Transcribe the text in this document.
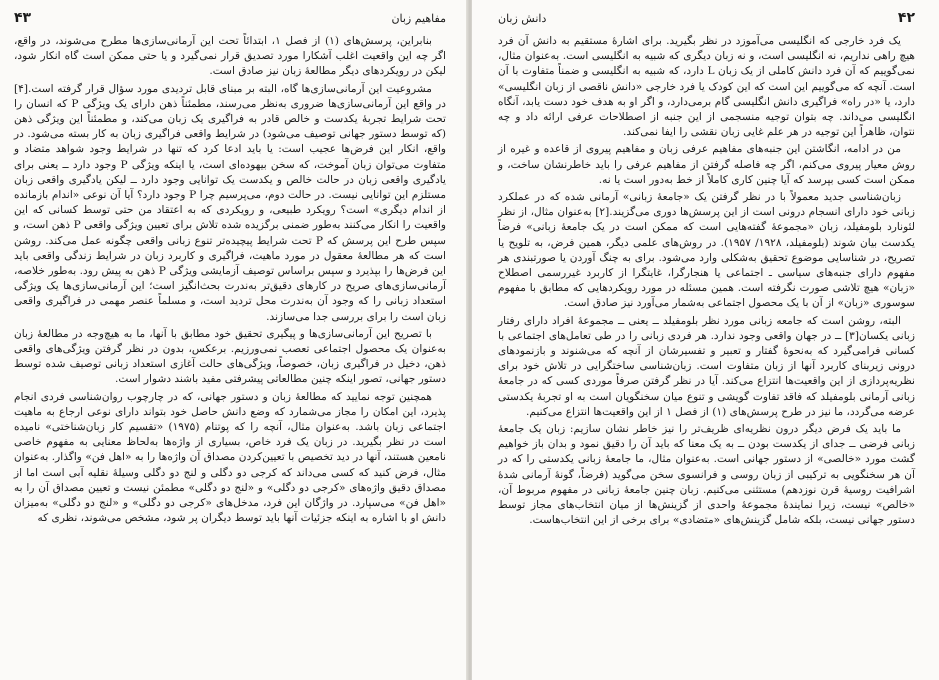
مفاهیم زبان
۴۳

بنابراین، پرسش‌های (۱) از فصل ۱، ابتدائاً تحت این آرمانی‌سازی‌ها مطرح می‌شوند، در واقع، اگر چه این واقعیت اغلب آشکارا مورد تصدیق قرار نمی‌گیرد و یا حتی ممکن است گاه انکار شود، لیکن در رویکردهای دیگر مطالعهٔ زبان نیز صادق است.

مشروعیت این آرمانی‌سازی‌ها گاه، البته بر مبنای قابل تردیدی مورد سؤال قرار گرفته است.[۴] در واقع این آرمانی‌سازی‌ها ضروری به‌نظر می‌رسند، مطمئناً ذهن دارای یک ویژگی P که انسان را تحت شرایط تجربهٔ یکدست و خالص قادر به فراگیری یک زبان می‌کند، و مطمئناً این ویژگی ذهن (که توسط دستور جهانی توصیف می‌شود) در شرایط واقعی فراگیری زبان به کار بسته می‌شود. در واقع، انکار این فرض‌ها عجیب است: یا باید ادعا کرد که تنها در شرایط وجود شواهد متضاد و متفاوت می‌توان زبان آموخت، که سخن بیهوده‌ای است، یا اینکه ویژگی P وجود دارد ــ یعنی برای یادگیری واقعی زبان در حالت خالص و یکدست یک توانایی وجود دارد ــ لیکن یادگیری واقعی زبان مستلزم این توانایی نیست. در حالت دوم، می‌پرسیم چرا P وجود دارد؟ آیا آن نوعی «اندام بازمانده از اندام دیگری» است؟ رویکرد طبیعی، و رویکردی که به اعتقاد من حتی توسط کسانی که این واقعیت را انکار می‌کنند به‌طور ضمنی برگزیده شده تلاش برای تعیین ویژگی واقعی P ذهن است، و سپس طرح این پرسش که P تحت شرایط پیچیده‌تر تنوع زبانی واقعی چگونه عمل می‌کند. روشن است که هر مطالعهٔ معقول در مورد ماهیت، فراگیری و کاربرد زبان در شرایط زندگی واقعی باید این فرض‌ها را بپذیرد و سپس براساس توصیف آزمایشی ویژگی P ذهن به پیش رود. به‌طور خلاصه، آرمانی‌سازی‌های صریح در کارهای دقیق‌تر به‌ندرت بحث‌انگیز است؛ این آرمانی‌سازی‌ها یک ویژگی استعداد زبانی را که وجود آن به‌ندرت محل تردید است، و مسلماً عنصر مهمی در فراگیری واقعی زبان است را برای بررسی جدا می‌سازند.

با تصریح این آرمانی‌سازی‌ها و پیگیری تحقیق خود مطابق با آنها، ما به هیچ‌وجه در مطالعهٔ زبان به‌عنوان یک محصول اجتماعی تعصب نمی‌ورزیم. برعکس، بدون در نظر گرفتن ویژگی‌های واقعی ذهن، دخیل در فراگیری زبان، خصوصاً، ویژگی‌های حالت آغازی استعداد زبانی توصیف شده توسط دستور جهانی، تصور اینکه چنین مطالعاتی پیشرفتی مفید باشند دشوار است.

همچنین توجه نمایید که مطالعهٔ زبان و دستور جهانی، که در چارچوب روان‌شناسی فردی انجام پذیرد، این امکان را مجاز می‌شمارد که وضع دانش حاصل خود بتواند دارای نوعی ارجاع به ماهیت اجتماعی زبان باشد. به‌عنوان مثال، آنچه را که پوتنام (۱۹۷۵) «تقسیم کار زبان‌شناختی» نامیده است در نظر بگیرید. در زبان یک فرد خاص، بسیاری از واژه‌ها به‌لحاظ معنایی به مفهوم خاصی نامعین هستند، آنها در دید تخصیص با تعیین‌کردن مصداق آن واژه‌ها را به «اهل فن» واگذار. به‌عنوان مثال، فرض کنید که کسی می‌داند که کرجی دو دگلی و لنج دو دگلی وسیلهٔ نقلیه آبی است اما از مصداق دقیق واژه‌های «کرجی دو دگلی» و «لنج دو دگلی» مطمئن نیست و تعیین مصداق آن را به «اهل فن» می‌سپارد. در واژگان این فرد، مدخل‌های «کرجی دو دگلی» و «لنج دو دگلی» به‌میزان دانش او با اشاره به اینکه جزئیات آنها باید توسط دیگران پر شود، مشخص می‌شوند، نظری که

۴۲
دانش زبان

یک فرد خارجی که انگلیسی می‌آموزد در نظر بگیرید. برای اشارهٔ مستقیم به دانش آن فرد هیچ راهی نداریم، نه انگلیسی است، و نه زبان دیگری که شبیه به انگلیسی است. به‌عنوان مثال، نمی‌گوییم که آن فرد دانش کاملی از یک زبان L دارد، که شبیه به انگلیسی و ضمناً متفاوت با آن است. آنچه که می‌گوییم این است که این کودک یا فرد خارجی «دانش ناقصی از زبان انگلیسی» دارد، یا «در راه» فراگیری دانش انگلیسی گام برمی‌دارد، و اگر او به هدف خود دست یابد، آنگاه انگلیسی می‌داند. چه بتوان توجیه منسجمی از این جنبه از اصطلاحات عرفی ارائه داد و چه نتوان، ظاهراً این توجیه در هر علم غایی زبان نقشی را ایفا نمی‌کند.

من در ادامه، انگاشتن این جنبه‌های مفاهیم عرفی زبان و مفاهیم پیروی از قاعده و غیره از روش معیار پیروی می‌کنم، اگر چه فاصله گرفتن از مفاهیم عرفی را باید خاطرنشان ساخت، و ممکن است کسی بپرسد که آیا چنین کاری کاملاً از خط به‌دور است یا نه.

زبان‌شناسی جدید معمولاً با در نظر گرفتن یک «جامعهٔ زبانی» آرمانی شده که در عملکرد زبانی خود دارای انسجام درونی است از این پرسش‌ها دوری می‌گزیند.[۲] به‌عنوان مثال، از نظر لئونارد بلومفیلد، زبان «مجموعهٔ گفته‌هایی است که ممکن است در یک جامعهٔ زبانی» فرضاً یکدست بیان شوند (بلومفیلد، ۱۹۲۸/ ۱۹۵۷). در روش‌های علمی دیگر، همین فرض، به تلویح یا تصریح، در شناسایی موضوع تحقیق به‌شکلی وارد می‌شود. برای به چنگ آوردن یا صورتبندی هر مفهوم دارای جنبه‌های سیاسی ـ اجتماعی یا هنجارگرا، غایتگرا از کاربرد غیررسمی اصطلاح «زبان» هیچ تلاشی صورت نگرفته است. همین مسئله در مورد رویکردهایی که مطابق با مفهوم سوسوری «زبان» از آن با یک محصول اجتماعی به‌شمار می‌آورد نیز صادق است.

البته، روشن است که جامعه زبانی مورد نظر بلومفیلد ــ یعنی ــ مجموعهٔ افراد دارای رفتار زبانی یکسان[۳] ــ در جهان واقعی وجود ندارد. هر فردی زبانی را در طی تعامل‌های اجتماعی با کسانی فرامی‌گیرد که به‌نحوهٔ گفتار و تعبیر و تفسیرشان از آنچه که می‌شنوند و بازنمودهای درونی زیربنای کاربرد آنها از زبان متفاوت است. زبان‌شناسی ساختگرایی در تلاش خود برای نظریه‌پردازی از این واقعیت‌ها انتزاع می‌کند. آیا در نظر گرفتن صرفاً موردی کسی که در جامعهٔ زبانی آرمانی بلومفیلد که فاقد تفاوت گویشی و تنوع میان سخنگویان است به او تجربهٔ یکدستی عرضه می‌گردد، ما نیز در طرح پرسش‌های (۱) از فصل ۱ از این واقعیت‌ها انتزاع می‌کنیم.

ما باید یک فرض دیگر درون نظریه‌ای ظریف‌تر را نیز خاطر نشان سازیم: زبان یک جامعهٔ زبانی فرضی ــ جدای از یکدست بودن ــ به یک معنا که باید آن را دقیق نمود و بدان باز خواهیم گشت مورد «خالصی» از دستور جهانی است. به‌عنوان مثال، ما جامعهٔ زبانی یکدستی را که در آن هر سخنگویی به ترکیبی از زبان روسی و فرانسوی سخن می‌گوید (فرضاً، گونهٔ آرمانی شدهٔ اشرافیت روسیهٔ قرن نوزدهم) مستثنی می‌کنیم. زبان چنین جامعهٔ زبانی در مفهوم مربوط آن، «خالص» نیست، زیرا نمایندهٔ مجموعهٔ واحدی از گزینش‌ها از میان انتخاب‌های مجاز توسط دستور جهانی نیست، بلکه شامل گزینش‌های «متضادی» برای برخی از این انتخاب‌هاست.
